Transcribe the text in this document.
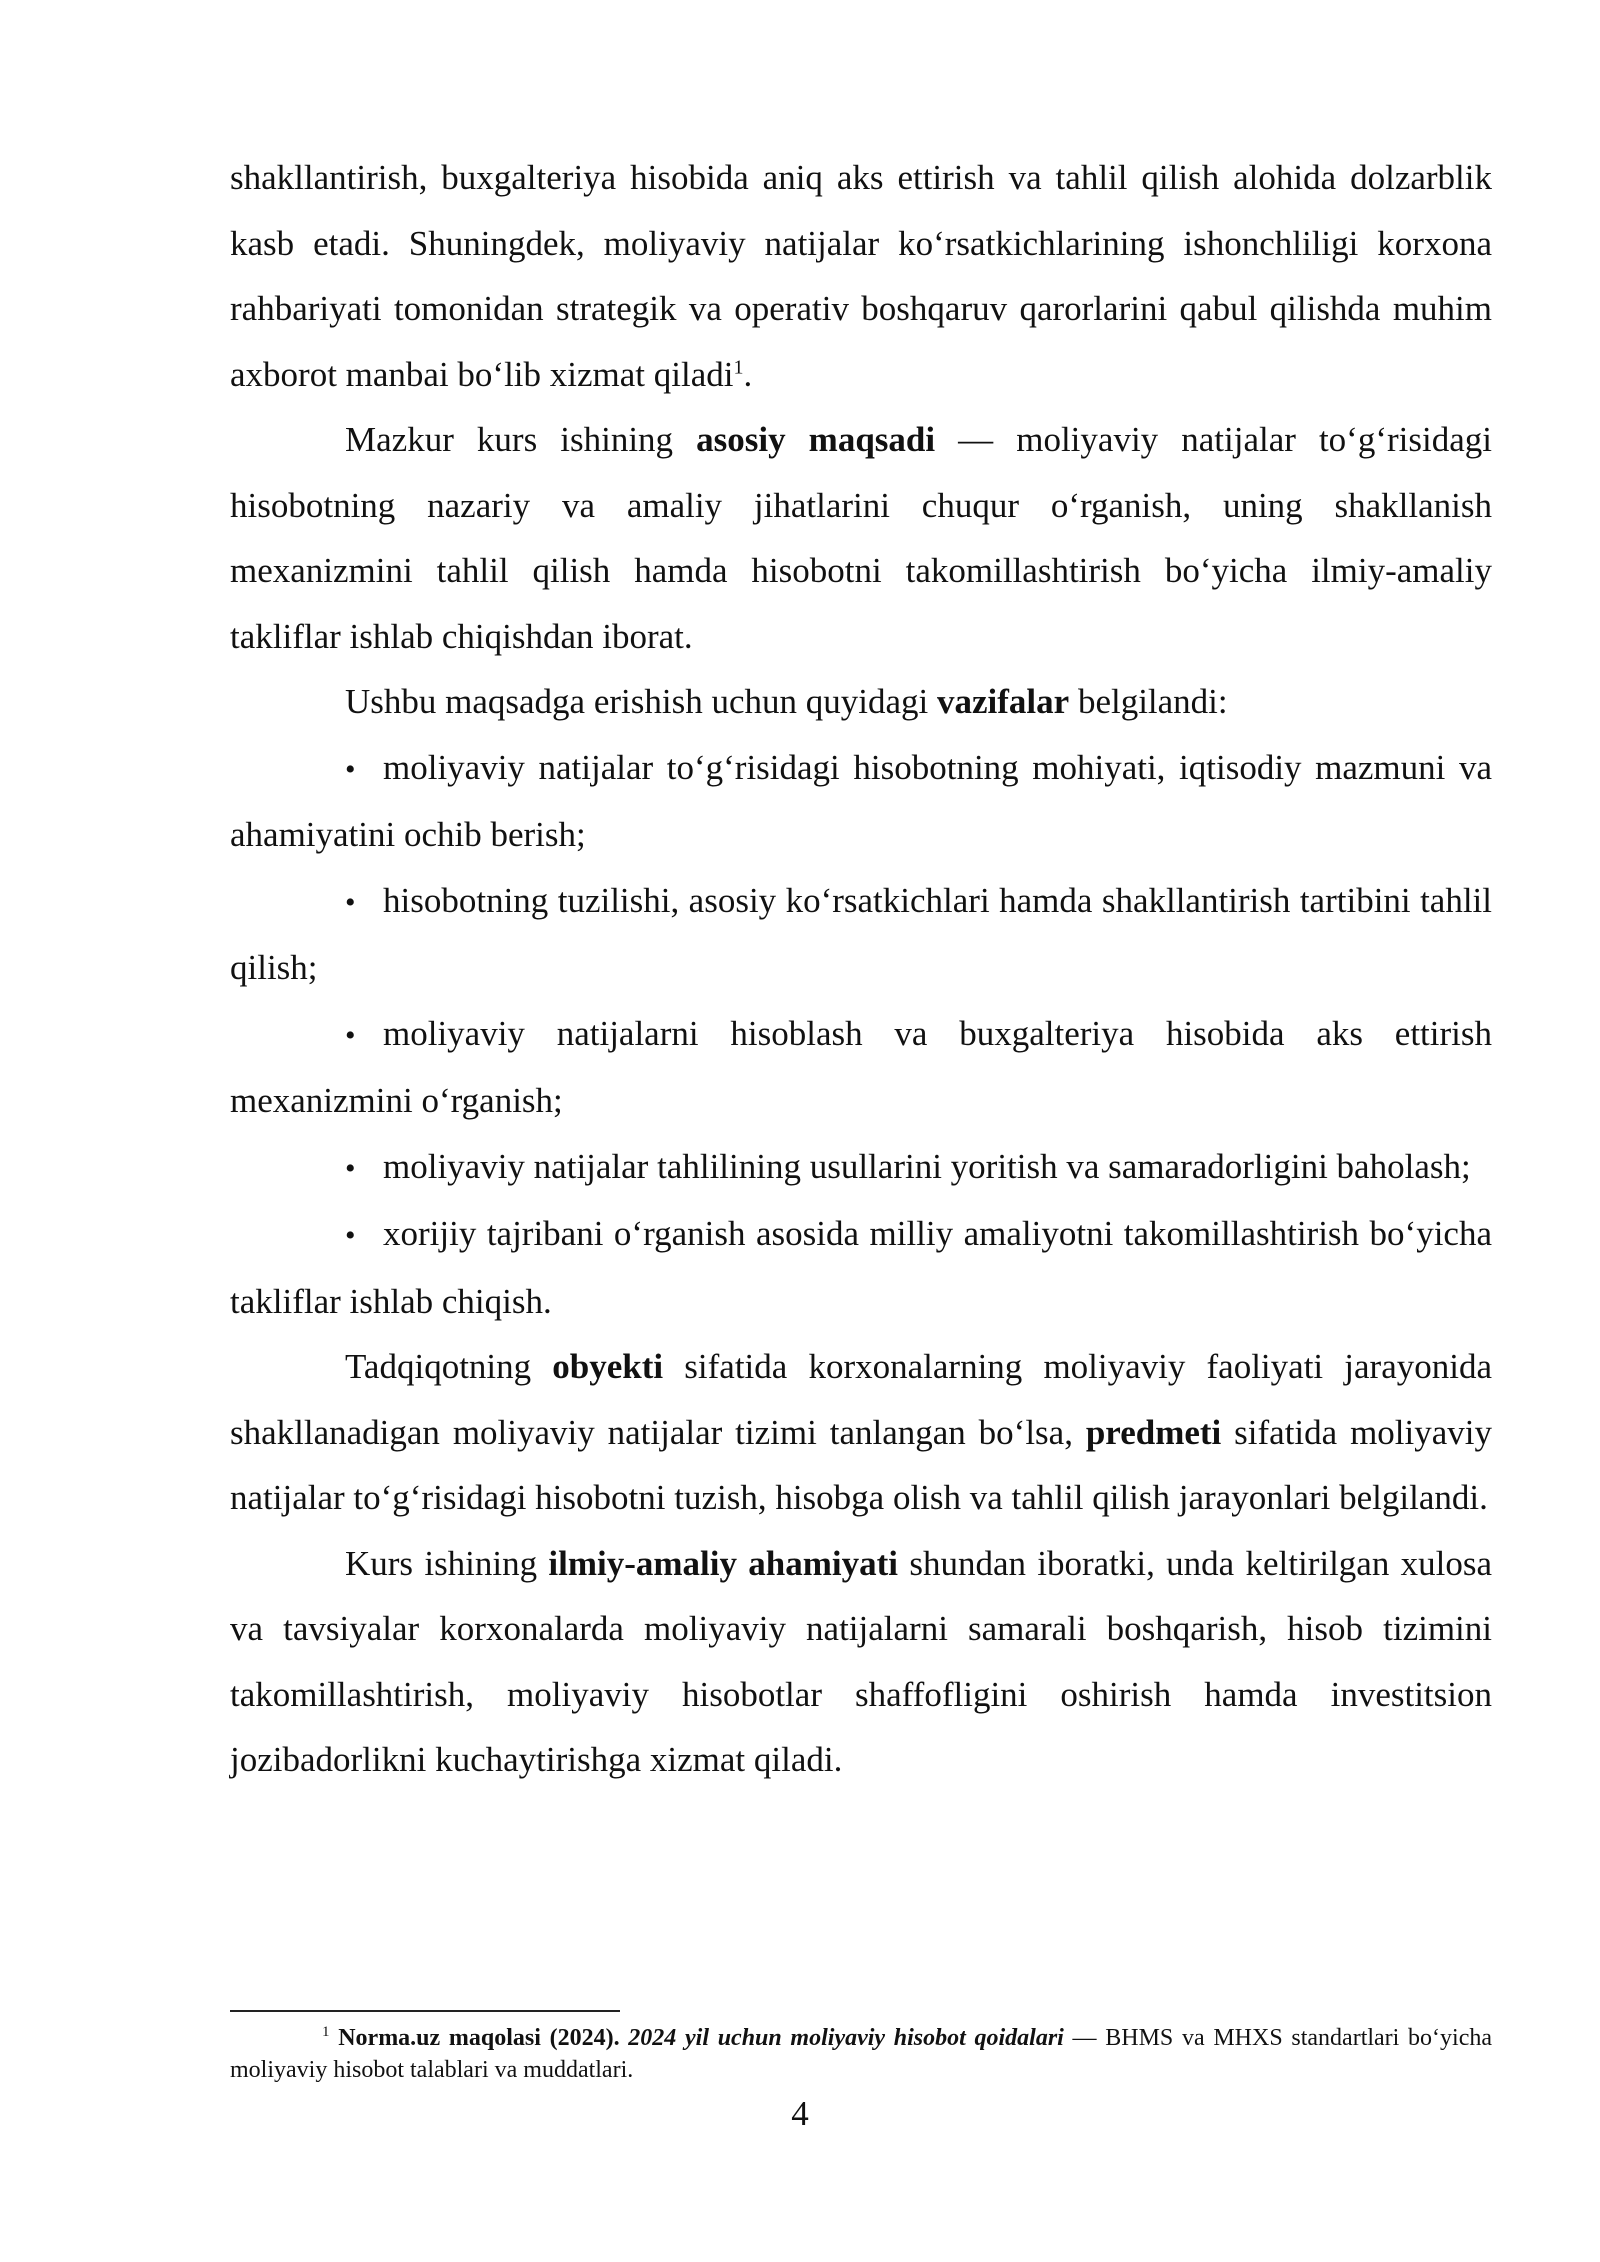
shakllantirish, buxgalteriya hisobida aniq aks ettirish va tahlil qilish alohida dolzarblik kasb etadi. Shuningdek, moliyaviy natijalar ko‘rsatkichlarining ishonchliligi korxona rahbariyati tomonidan strategik va operativ boshqaruv qarorlarini qabul qilishda muhim axborot manbai bo‘lib xizmat qiladi$^1$.

Mazkur kurs ishining asosiy maqsadi — moliyaviy natijalar to‘g‘risidagi hisobotning nazariy va amaliy jihatlarini chuqur o‘rganish, uning shakllanish mexanizmini tahlil qilish hamda hisobotni takomillashtirish bo‘yicha ilmiy-amaliy takliflar ishlab chiqishdan iborat.

Ushbu maqsadga erishish uchun quyidagi vazifalar belgilandi:

• moliyaviy natijalar to‘g‘risidagi hisobotning mohiyati, iqtisodiy mazmuni va ahamiyatini ochib berish;

• hisobotning tuzilishi, asosiy ko‘rsatkichlari hamda shakllantirish tartibini tahlil qilish;

• moliyaviy natijalarni hisoblash va buxgalteriya hisobida aks ettirish mexanizmini o‘rganish;

• moliyaviy natijalar tahlilining usullarini yoritish va samaradorligini baholash;

• xorijiy tajribani o‘rganish asosida milliy amaliyotni takomillashtirish bo‘yicha takliflar ishlab chiqish.

Tadqiqotning obyekti sifatida korxonalarning moliyaviy faoliyati jarayonida shakllanadigan moliyaviy natijalar tizimi tanlangan bo‘lsa, predmeti sifatida moliyaviy natijalar to‘g‘risidagi hisobotni tuzish, hisobga olish va tahlil qilish jarayonlari belgilandi.

Kurs ishining ilmiy-amaliy ahamiyati shundan iboratki, unda keltirilgan xulosa va tavsiyalar korxonalarda moliyaviy natijalarni samarali boshqarish, hisob tizimini takomillashtirish, moliyaviy hisobotlar shaffofligini oshirish hamda investitsion jozibadorlikni kuchaytirishga xizmat qiladi.

$^1$ Norma.uz maqolasi (2024). 2024 yil uchun moliyaviy hisobot qoidalari — BHMS va MHXS standartlari bo‘yicha moliyaviy hisobot talablari va muddatlari.

4
